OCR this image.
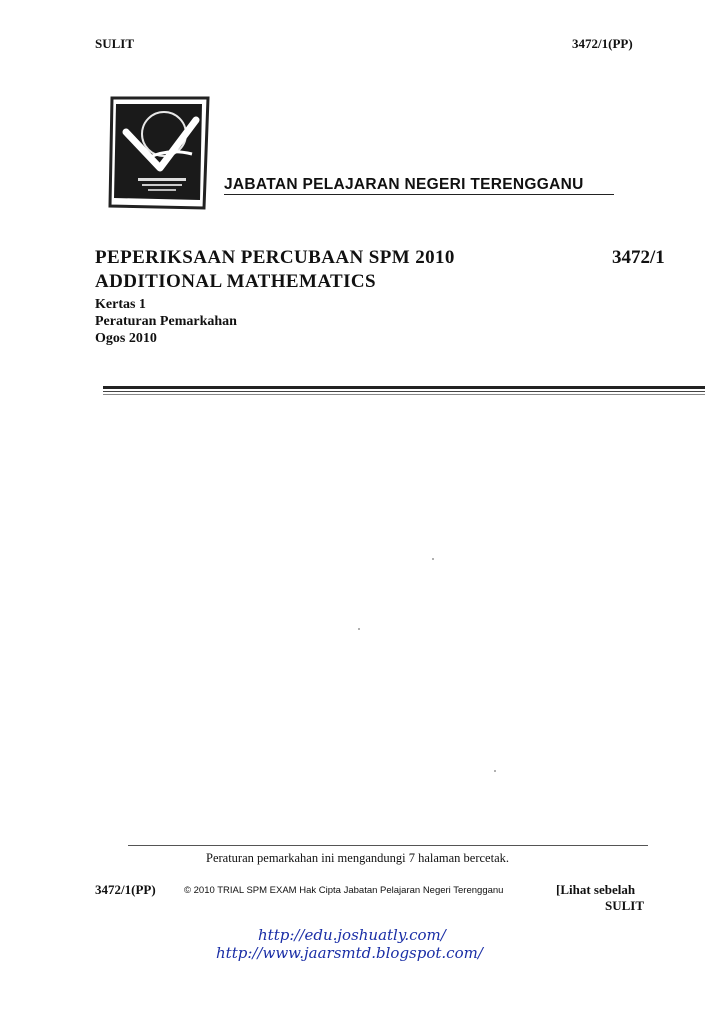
SULIT	3472/1(PP)
JABATAN PELAJARAN NEGERI TERENGGANU
PEPERIKSAAN PERCUBAAN SPM 2010	3472/1
ADDITIONAL MATHEMATICS
Kertas 1
Peraturan Pemarkahan
Ogos 2010
Peraturan pemarkahan ini mengandungi 7 halaman bercetak.
3472/1(PP)	© 2010 TRIAL SPM EXAM Hak Cipta Jabatan Pelajaran Negeri Terengganu	[Lihat sebelah
SULIT
http://edu.joshuatly.com/
http://www.jaarsmtd.blogspot.com/
